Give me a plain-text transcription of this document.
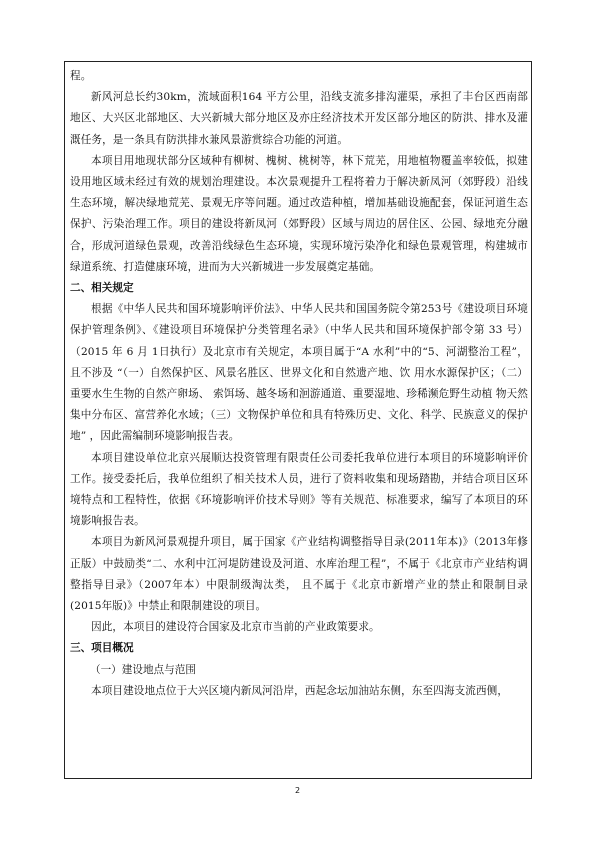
程。

新风河总长约30km，流域面积164 平方公里，沿线支流多排沟灌渠，承担了丰台区西南部地区、大兴区北部地区、大兴新城大部分地区及亦庄经济技术开发区部分地区的防洪、排水及灌溉任务，是一条具有防洪排水兼风景游赏综合功能的河道。

本项目用地现状部分区域种有柳树、槐树、桃树等，林下荒芜，用地植物覆盖率较低，拟建设用地区域未经过有效的规划治理建设。本次景观提升工程将着力于解决新凤河（郊野段）沿线生态环境，解决绿地荒芜、景观无序等问题。通过改造种植，增加基础设施配套，保证河道生态保护、污染治理工作。项目的建设将新凤河（郊野段）区域与周边的居住区、公园、绿地充分融合，形成河道绿色景观，改善沿线绿色生态环境，实现环境污染净化和绿色景观管理，构建城市绿道系统、打造健康环境，进而为大兴新城进一步发展奠定基础。

二、相关规定

根据《中华人民共和国环境影响评价法》、中华人民共和国国务院令第253号《建设项目环境保护管理条例》、《建设项目环境保护分类管理名录》（中华人民共和国环境保护部令第 33 号）（2015 年 6 月 1日执行）及北京市有关规定，本项目属于“A 水利”中的“5、河湖整治工程”，且不涉及 “（一）自然保护区、风景名胜区、世界文化和自然遗产地、饮 用水水源保护区；（二）重要水生生物的自然产卵场、 索饵场、越冬场和洄游通道、重要湿地、珍稀濒危野生动植 物天然集中分布区、富营养化水域；（三）文物保护单位和具有特殊历史、文化、科学、民族意义的保护地” ，因此需编制环境影响报告表。

本项目建设单位北京兴展顺达投资管理有限责任公司委托我单位进行本项目的环境影响评价工作。接受委托后，我单位组织了相关技术人员，进行了资料收集和现场踏勘，并结合项目区环境特点和工程特性，依据《环境影响评价技术导则》等有关规范、标准要求，编写了本项目的环境影响报告表。

本项目为新风河景观提升项目，属于国家《产业结构调整指导目录(2011年本)》（2013年修正版）中鼓励类“二、水利中江河堤防建设及河道、水库治理工程”，不属于《北京市产业结构调整指导目录》（2007年本）中限制级淘汰类， 且不属于《北京市新增产业的禁止和限制目录(2015年版)》中禁止和限制建设的项目。

因此，本项目的建设符合国家及北京市当前的产业政策要求。

三、项目概况
（一）建设地点与范围

本项目建设地点位于大兴区境内新凤河沿岸，西起念坛加油站东侧，东至四海支流西侧，

2
